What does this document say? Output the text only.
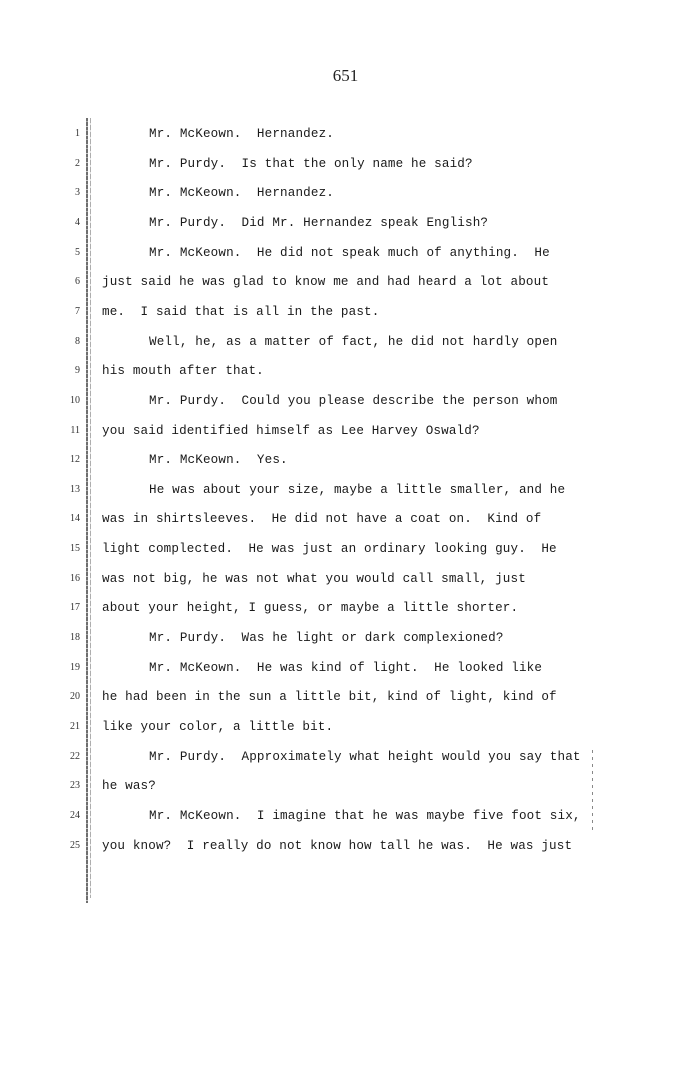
651
1	Mr. McKeown.  Hernandez.
2	Mr. Purdy.  Is that the only name he said?
3	Mr. McKeown.  Hernandez.
4	Mr. Purdy.  Did Mr. Hernandez speak English?
5	Mr. McKeown.  He did not speak much of anything.  He
6 just said he was glad to know me and had heard a lot about
7 me.  I said that is all in the past.
8	Well, he, as a matter of fact, he did not hardly open
9 his mouth after that.
10	Mr. Purdy.  Could you please describe the person whom
11 you said identified himself as Lee Harvey Oswald?
12	Mr. McKeown.  Yes.
13	He was about your size, maybe a little smaller, and he
14 was in shirtsleeves.  He did not have a coat on.  Kind of
15 light complected.  He was just an ordinary looking guy.  He
16 was not big, he was not what you would call small, just
17 about your height, I guess, or maybe a little shorter.
18	Mr. Purdy.  Was he light or dark complexioned?
19	Mr. McKeown.  He was kind of light.  He looked like
20 he had been in the sun a little bit, kind of light, kind of
21 like your color, a little bit.
22	Mr. Purdy.  Approximately what height would you say that
23 he was?
24	Mr. McKeown.  I imagine that he was maybe five foot six,
25 you know?  I really do not know how tall he was.  He was just
